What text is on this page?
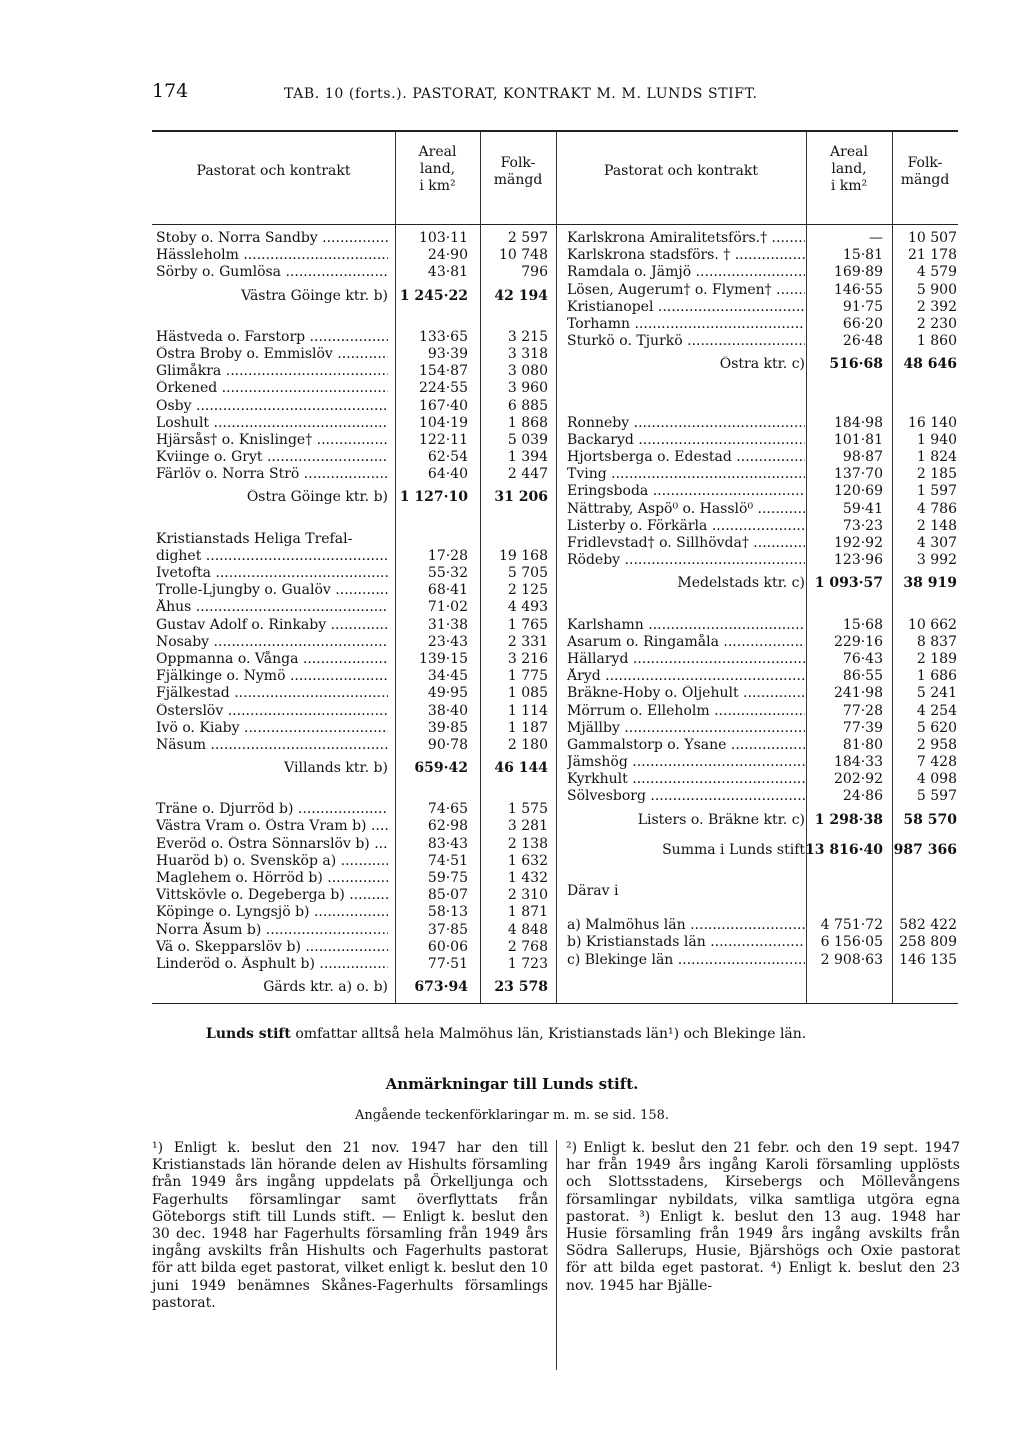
174	TAB. 10 (forts.). PASTORAT, KONTRAKT M. M. LUNDS STIFT.
Pastorat och kontrakt
Areal
land,
i km²
Folk-
mängd
Pastorat och kontrakt
Areal
land,
i km²
Folk-
mängd
Stoby o. Norra Sandby .....	103·11	2 597
Hässleholm .....	24·90 10 748
Sörby o. Gumlösa .....	43·81	796
Västra Göinge ktr. b) 1 245·22 42 194
Hästveda o. Farstorp .....	133·65	3 215
Östra Broby o. Emmislöv .....	93·39	3 318
Glimåkra .....	154·87	3 080
Örkened .....	224·55	3 960
Osby .....	167·40	6 885
Loshult .....	104·19	1 868
Hjärsås† o. Knislinge† .....	122·11	5 039
Kviinge o. Gryt .....	62·54	1 394
Färlöv o. Norra Strö .....	64·40	2 447
Östra Göinge ktr. b) 1 127·10 31 206
Kristianstads Heliga Trefal-
dighet .....	17·28 19 168
Ivetofta .....	55·32	5 705
Trolle-Ljungby o. Gualöv .....	68·41	2 125
Åhus .....	71·02	4 493
Gustav Adolf o. Rinkaby .....	31·38	1 765
Nosaby .....	23·43	2 331
Oppmanna o. Vånga .....	139·15	3 216
Fjälkinge o. Nymö .....	34·45	1 775
Fjälkestad .....	49·95	1 085
Österslöv .....	38·40	1 114
Ivö o. Kiaby .....	39·85	1 187
Näsum .....	90·78	2 180
Villands ktr. b) 659·42 46 144
Träne o. Djurröd b) .....	74·65	1 575
Västra Vram o. Östra Vram b) .....	62·98	3 281
Everöd o. Östra Sönnarslöv b) .....	83·43	2 138
Huaröd b) o. Svensköp a) .....	74·51	1 632
Maglehem o. Hörröd b) .....	59·75	1 432
Vittskövle o. Degeberga b) .....	85·07	2 310
Köpinge o. Lyngsjö b) .....	58·13	1 871
Norra Åsum b) .....	37·85	4 848
Vä o. Skepparslöv b) .....	60·06	2 768
Linderöd o. Äsphult b) .....	77·51	1 723
Gärds ktr. a) o. b) 673·94 23 578
Karlskrona Amiralitetsförs.† .....	— 10 507
Karlskrona stadsförs. † .....	15·81 21 178
Ramdala o. Jämjö .....	169·89 4 579
Lösen, Augerum† o. Flymen† .....	146·55 5 900
Kristianopel .....	91·75 2 392
Torhamn .....	66·20 2 230
Sturkö o. Tjurkö .....	26·48 1 860
Östra ktr. c) 516·68 48 646
Ronneby .....	184·98 16 140
Backaryd .....	101·81 1 940
Hjortsberga o. Edestad .....	98·87 1 824
Tving .....	137·70 2 185
Eringsboda .....	120·69 1 597
Nättraby, Aspö⁰ o. Hasslö⁰ .....	59·41 4 786
Listerby o. Förkärla .....	73·23 2 148
Fridlevstad† o. Sillhövda† .....	192·92 4 307
Rödeby .....	123·96 3 992
Medelstads ktr. c) 1 093·57 38 919
Karlshamn .....	15·68 10 662
Asarum o. Ringamåla .....	229·16 8 837
Hällaryd .....	76·43 2 189
Åryd .....	86·55 1 686
Bräkne-Hoby o. Öljehult .....	241·98 5 241
Mörrum o. Elleholm .....	77·28 4 254
Mjällby .....	77·39 5 620
Gammalstorp o. Ysane .....	81·80 2 958
Jämshög .....	184·33 7 428
Kyrkhult .....	202·92 4 098
Sölvesborg .....	24·86 5 597
Listers o. Bräkne ktr. c) 1 298·38 58 570
Summa i Lunds stift 13 816·40 987 366
Därav i
a) Malmöhus län .....	4 751·72 582 422
b) Kristianstads län .....	6 156·05 258 809
c) Blekinge län .....	2 908·63 146 135
Lunds stift omfattar alltså hela Malmöhus län, Kristianstads län¹) och Blekinge län.
Anmärkningar till Lunds stift.
Angående teckenförklaringar m. m. se sid. 158.
¹) Enligt k. beslut den 21 nov. 1947 har den till Kristianstads län hörande delen av Hishults församling från 1949 års ingång uppdelats på Örkelljunga och Fagerhults församlingar samt överflyttats från Göteborgs stift till Lunds stift. — Enligt k. beslut den 30 dec. 1948 har Fagerhults församling från 1949 års ingång avskilts från Hishults och Fagerhults pastorat för att bilda eget pastorat, vilket enligt k. beslut den 10 juni 1949 benämnes Skånes-Fagerhults församlings pastorat.
²) Enligt k. beslut den 21 febr. och den 19 sept. 1947 har från 1949 års ingång Karoli församling upplösts och Slottsstadens, Kirsebergs och Möllevångens församlingar nybildats, vilka samtliga utgöra egna pastorat. ³) Enligt k. beslut den 13 aug. 1948 har Husie församling från 1949 års ingång avskilts från Södra Sallerups, Husie, Bjärshögs och Oxie pastorat för att bilda eget pastorat. ⁴) Enligt k. beslut den 23 nov. 1945 har Bjälle-
